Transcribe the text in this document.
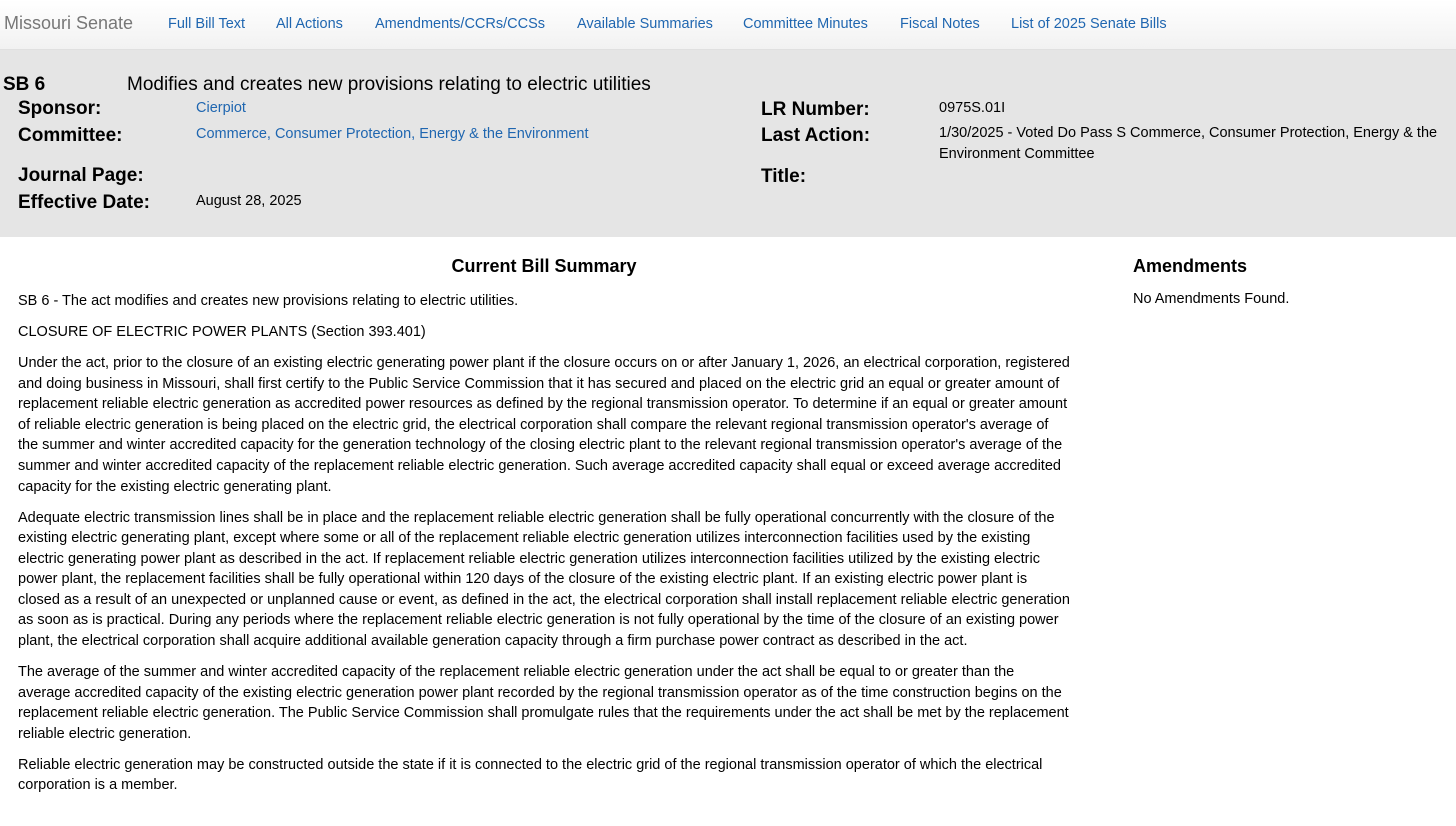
Missouri Senate Full Bill Text All Actions Amendments/CCRs/CCSs Available Summaries Committee Minutes Fiscal Notes List of 2025 Senate Bills
SB 6	Modifies and creates new provisions relating to electric utilities
Sponsor:	Cierpiot
Committee:	Commerce, Consumer Protection, Energy & the Environment
Journal Page:
Effective Date:	August 28, 2025
LR Number:	0975S.01I
Last Action:	1/30/2025 - Voted Do Pass S Commerce, Consumer Protection, Energy & the Environment Committee
Title:
Current Bill Summary

SB 6 - The act modifies and creates new provisions relating to electric utilities.

CLOSURE OF ELECTRIC POWER PLANTS (Section 393.401)

Under the act, prior to the closure of an existing electric generating power plant if the closure occurs on or after January 1, 2026, an electrical corporation, registered and doing business in Missouri, shall first certify to the Public Service Commission that it has secured and placed on the electric grid an equal or greater amount of replacement reliable electric generation as accredited power resources as defined by the regional transmission operator. To determine if an equal or greater amount of reliable electric generation is being placed on the electric grid, the electrical corporation shall compare the relevant regional transmission operator's average of the summer and winter accredited capacity for the generation technology of the closing electric plant to the relevant regional transmission operator's average of the summer and winter accredited capacity of the replacement reliable electric generation. Such average accredited capacity shall equal or exceed average accredited capacity for the existing electric generating plant.

Adequate electric transmission lines shall be in place and the replacement reliable electric generation shall be fully operational concurrently with the closure of the existing electric generating plant, except where some or all of the replacement reliable electric generation utilizes interconnection facilities used by the existing electric generating power plant as described in the act. If replacement reliable electric generation utilizes interconnection facilities utilized by the existing electric power plant, the replacement facilities shall be fully operational within 120 days of the closure of the existing electric plant. If an existing electric power plant is closed as a result of an unexpected or unplanned cause or event, as defined in the act, the electrical corporation shall install replacement reliable electric generation as soon as is practical. During any periods where the replacement reliable electric generation is not fully operational by the time of the closure of an existing power plant, the electrical corporation shall acquire additional available generation capacity through a firm purchase power contract as described in the act.

The average of the summer and winter accredited capacity of the replacement reliable electric generation under the act shall be equal to or greater than the average accredited capacity of the existing electric generation power plant recorded by the regional transmission operator as of the time construction begins on the replacement reliable electric generation. The Public Service Commission shall promulgate rules that the requirements under the act shall be met by the replacement reliable electric generation.

Reliable electric generation may be constructed outside the state if it is connected to the electric grid of the regional transmission operator of which the electrical corporation is a member.

Amendments
No Amendments Found.
